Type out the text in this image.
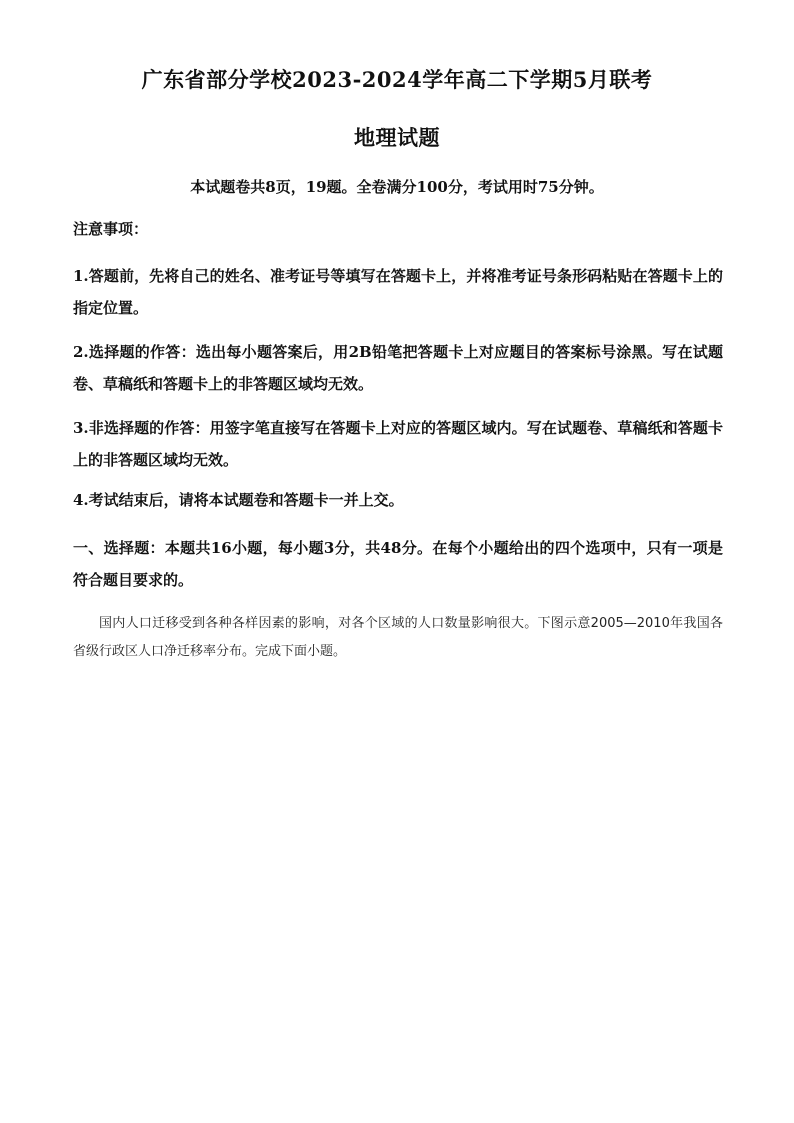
广东省部分学校2023-2024学年高二下学期5月联考
地理试题
本试题卷共8页，19题。全卷满分100分，考试用时75分钟。

注意事项：

1.答题前，先将自己的姓名、准考证号等填写在答题卡上，并将准考证号条形码粘贴在答题卡上的指定位置。

2.选择题的作答：选出每小题答案后，用2B铅笔把答题卡上对应题目的答案标号涂黑。写在试题卷、草稿纸和答题卡上的非答题区域均无效。

3.非选择题的作答：用签字笔直接写在答题卡上对应的答题区域内。写在试题卷、草稿纸和答题卡上的非答题区域均无效。

4.考试结束后，请将本试题卷和答题卡一并上交。

一、选择题：本题共16小题，每小题3分，共48分。在每个小题给出的四个选项中，只有一项是符合题目要求的。

国内人口迁移受到各种各样因素的影响，对各个区域的人口数量影响很大。下图示意2005—2010年我国各省级行政区人口净迁移率分布。完成下面小题。
